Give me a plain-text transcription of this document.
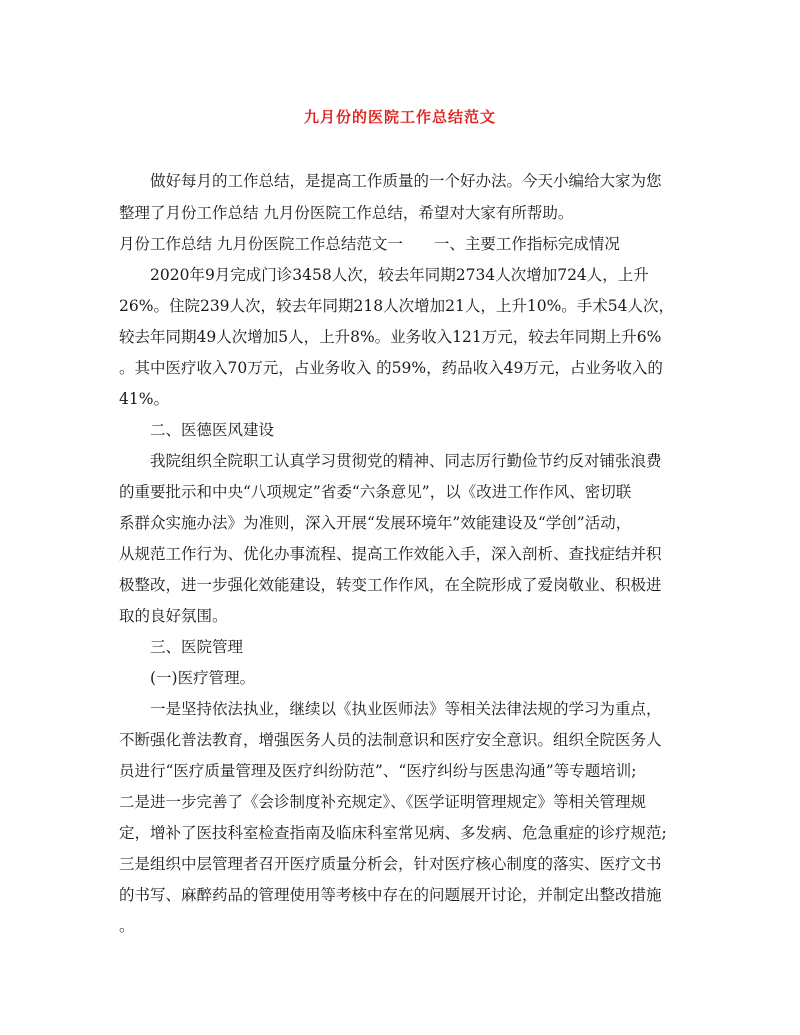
九月份的医院工作总结范文
做好每月的工作总结，是提高工作质量的一个好办法。今天小编给大家为您
整理了月份工作总结 九月份医院工作总结，希望对大家有所帮助。
月份工作总结 九月份医院工作总结范文一　　一、主要工作指标完成情况
2020年9月完成门诊3458人次，较去年同期2734人次增加724人，上升
26%。住院239人次，较去年同期218人次增加21人，上升10%。手术54人次，
较去年同期49人次增加5人，上升8%。业务收入121万元，较去年同期上升6%
。其中医疗收入70万元，占业务收入 的59%，药品收入49万元，占业务收入的
41%。
二、医德医风建设
我院组织全院职工认真学习贯彻党的精神、同志厉行勤俭节约反对铺张浪费
的重要批示和中央“八项规定”省委“六条意见”，以《改进工作作风、密切联
系群众实施办法》为准则，深入开展“发展环境年”效能建设及“学创”活动，
从规范工作行为、优化办事流程、提高工作效能入手，深入剖析、查找症结并积
极整改，进一步强化效能建设，转变工作作风，在全院形成了爱岗敬业、积极进
取的良好氛围。
三、医院管理
(一)医疗管理。
一是坚持依法执业，继续以《执业医师法》等相关法律法规的学习为重点，
不断强化普法教育，增强医务人员的法制意识和医疗安全意识。组织全院医务人
员进行“医疗质量管理及医疗纠纷防范”、“医疗纠纷与医患沟通”等专题培训;
二是进一步完善了《会诊制度补充规定》、《医学证明管理规定》等相关管理规
定，增补了医技科室检查指南及临床科室常见病、多发病、危急重症的诊疗规范;
三是组织中层管理者召开医疗质量分析会，针对医疗核心制度的落实、医疗文书
的书写、麻醉药品的管理使用等考核中存在的问题展开讨论，并制定出整改措施
。
